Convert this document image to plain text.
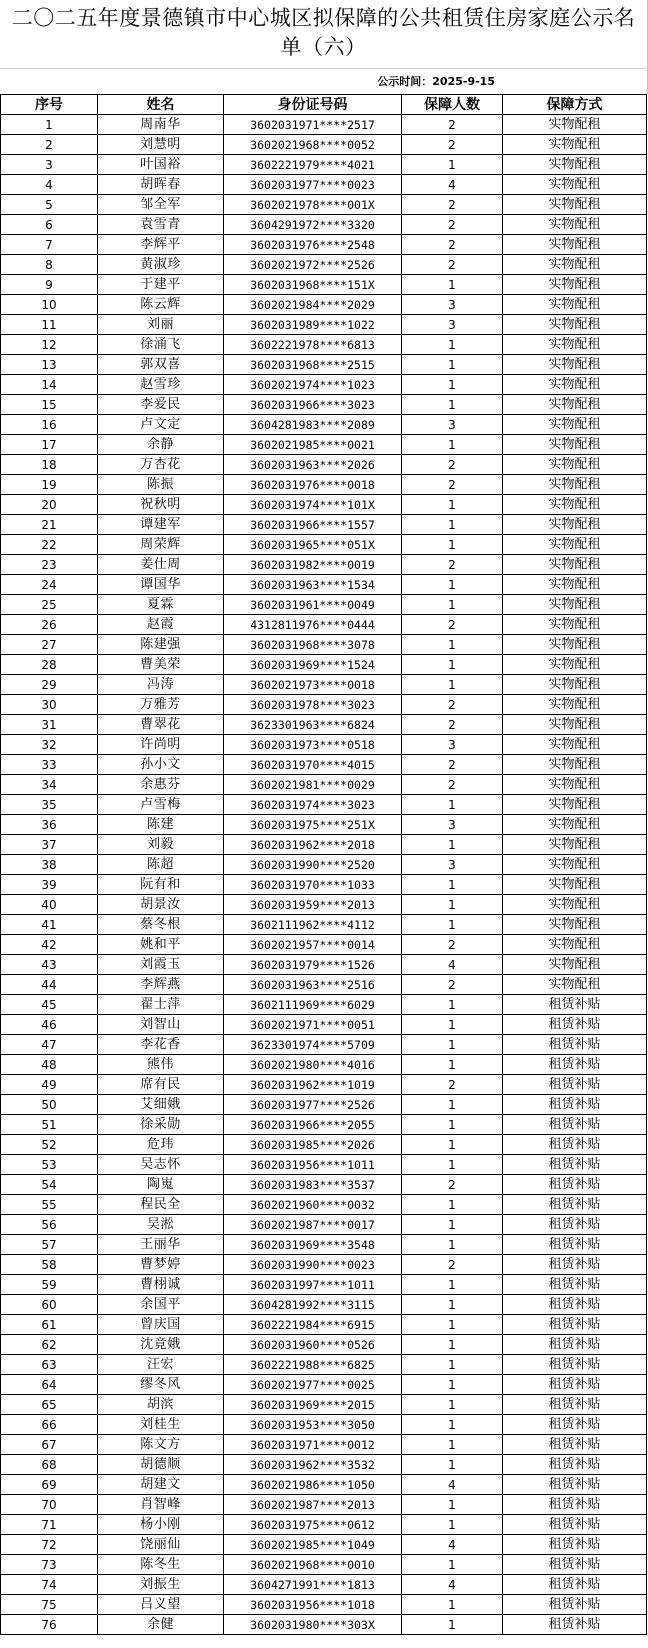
二〇二五年度景德镇市中心城区拟保障的公共租赁住房家庭公示名单（六）
公示时间：2025-9-15
序号	姓名	身份证号码	保障人数	保障方式
1	周南华	3602031971****2517	2	实物配租
2	刘慧明	3602021968****0052	2	实物配租
3	叶国裕	3602221979****4021	1	实物配租
4	胡晖春	3602031977****0023	4	实物配租
5	邹全军	3602021978****001X	2	实物配租
6	袁雪青	3604291972****3320	2	实物配租
7	李辉平	3602031976****2548	2	实物配租
8	黄淑珍	3602021972****2526	2	实物配租
9	于建平	3602031968****151X	1	实物配租
10	陈云辉	3602021984****2029	3	实物配租
11	刘丽	3602031989****1022	3	实物配租
12	徐涌飞	3602221978****6813	1	实物配租
13	郭双喜	3602031968****2515	1	实物配租
14	赵雪珍	3602021974****1023	1	实物配租
15	李爱民	3602031966****3023	1	实物配租
16	卢文定	3604281983****2089	3	实物配租
17	余静	3602021985****0021	1	实物配租
18	万杏花	3602031963****2026	2	实物配租
19	陈振	3602031976****0018	2	实物配租
20	祝秋明	3602031974****101X	1	实物配租
21	谭建军	3602031966****1557	1	实物配租
22	周荣辉	3602031965****051X	1	实物配租
23	姜仕周	3602031982****0019	2	实物配租
24	谭国华	3602031963****1534	1	实物配租
25	夏霖	3602031961****0049	1	实物配租
26	赵霞	4312811976****0444	2	实物配租
27	陈建强	3602031968****3078	1	实物配租
28	曹美荣	3602031969****1524	1	实物配租
29	冯涛	3602021973****0018	1	实物配租
30	万雅芳	3602031978****3023	2	实物配租
31	曹翠花	3623301963****6824	2	实物配租
32	许尚明	3602031973****0518	3	实物配租
33	孙小文	3602031970****4015	2	实物配租
34	余惠芬	3602021981****0029	2	实物配租
35	卢雪梅	3602031974****3023	1	实物配租
36	陈建	3602031975****251X	3	实物配租
37	刘毅	3602031962****2018	1	实物配租
38	陈超	3602031990****2520	3	实物配租
39	阮有和	3602031970****1033	1	实物配租
40	胡景汝	3602031959****2013	1	实物配租
41	蔡冬根	3602111962****4112	1	实物配租
42	姚和平	3602021957****0014	2	实物配租
43	刘霞玉	3602031979****1526	4	实物配租
44	李辉燕	3602031963****2516	2	实物配租
45	翟士萍	3602111969****6029	1	租赁补贴
46	刘智山	3602021971****0051	1	租赁补贴
47	李花香	3623301974****5709	1	租赁补贴
48	熊伟	3602021980****4016	1	租赁补贴
49	席有民	3602031962****1019	2	租赁补贴
50	艾细娥	3602031977****2526	1	租赁补贴
51	徐采勋	3602031966****2055	1	租赁补贴
52	危玮	3602031985****2026	1	租赁补贴
53	吴志怀	3602031956****1011	1	租赁补贴
54	陶嵬	3602031983****3537	2	租赁补贴
55	程民全	3602021960****0032	1	租赁补贴
56	吴淞	3602021987****0017	1	租赁补贴
57	王丽华	3602031969****3548	1	租赁补贴
58	曹梦婷	3602031990****0023	2	租赁补贴
59	曹栩诚	3602031997****1011	1	租赁补贴
60	余国平	3604281992****3115	1	租赁补贴
61	曾庆国	3602221984****6915	1	租赁补贴
62	沈竟娥	3602031960****0526	1	租赁补贴
63	汪宏	3602221988****6825	1	租赁补贴
64	缪冬风	3602021977****0025	1	租赁补贴
65	胡滨	3602031969****2015	1	租赁补贴
66	刘桂生	3602031953****3050	1	租赁补贴
67	陈文方	3602031971****0012	1	租赁补贴
68	胡德顺	3602031962****3532	1	租赁补贴
69	胡建文	3602021986****1050	4	租赁补贴
70	肖智峰	3602021987****2013	1	租赁补贴
71	杨小刚	3602031975****0612	1	租赁补贴
72	饶丽仙	3602021985****1049	4	租赁补贴
73	陈冬生	3602021968****0010	1	租赁补贴
74	刘振生	3604271991****1813	4	租赁补贴
75	吕义望	3602031956****1018	1	租赁补贴
76	余健	3602031980****303X	1	租赁补贴
